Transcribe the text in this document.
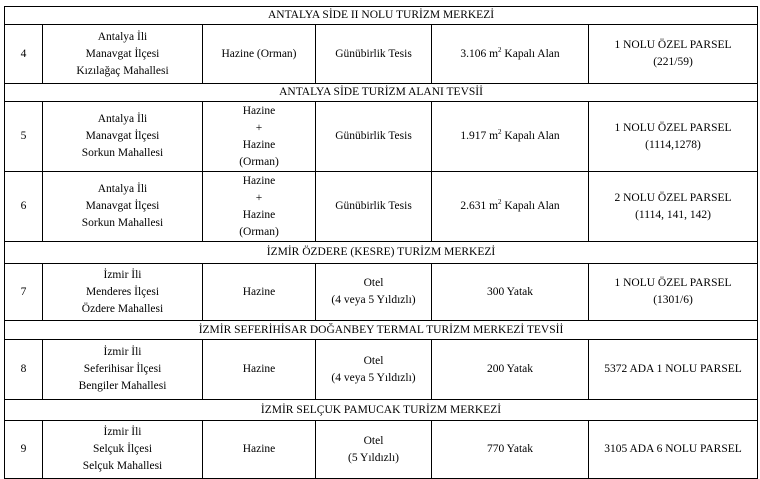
ANTALYA SİDE II NOLU TURİZM MERKEZİ					
4	Antalya İli
Manavgat İlçesi
Kızılağaç Mahallesi	Hazine (Orman)	Günübirlik Tesis	3.106 $m^2$ Kapalı Alan	1 NOLU ÖZEL PARSEL
(221/59)

ANTALYA SİDE TURİZM ALANI TEVSİİ					
5	Antalya İli
Manavgat İlçesi
Sorkun Mahallesi	Hazine
+
Hazine
(Orman)	Günübirlik Tesis	1.917 $m^2$ Kapalı Alan	1 NOLU ÖZEL PARSEL
(1114,1278)

6	Antalya İli
Manavgat İlçesi
Sorkun Mahallesi	Hazine
+
Hazine
(Orman)	Günübirlik Tesis	2.631 $m^2$ Kapalı Alan	2 NOLU ÖZEL PARSEL
(1114, 141, 142)

İZMİR ÖZDERE (KESRE) TURİZM MERKEZİ					
7	İzmir İli
Menderes İlçesi
Özdere Mahallesi	Hazine	Otel
(4 veya 5 Yıldızlı)	300 Yatak	1 NOLU ÖZEL PARSEL
(1301/6)

İZMİR SEFERİHİSAR DOĞANBEY TERMAL TURİZM MERKEZİ TEVSİİ					
8	İzmir İli
Seferihisar İlçesi
Bengiler Mahallesi	Hazine	Otel
(4 veya 5 Yıldızlı)	200 Yatak	5372 ADA 1 NOLU PARSEL

İZMİR SELÇUK PAMUCAK TURİZM MERKEZİ					
9	İzmir İli
Selçuk İlçesi
Selçuk Mahallesi	Hazine	Otel
(5 Yıldızlı)	770 Yatak	3105 ADA 6 NOLU PARSEL
